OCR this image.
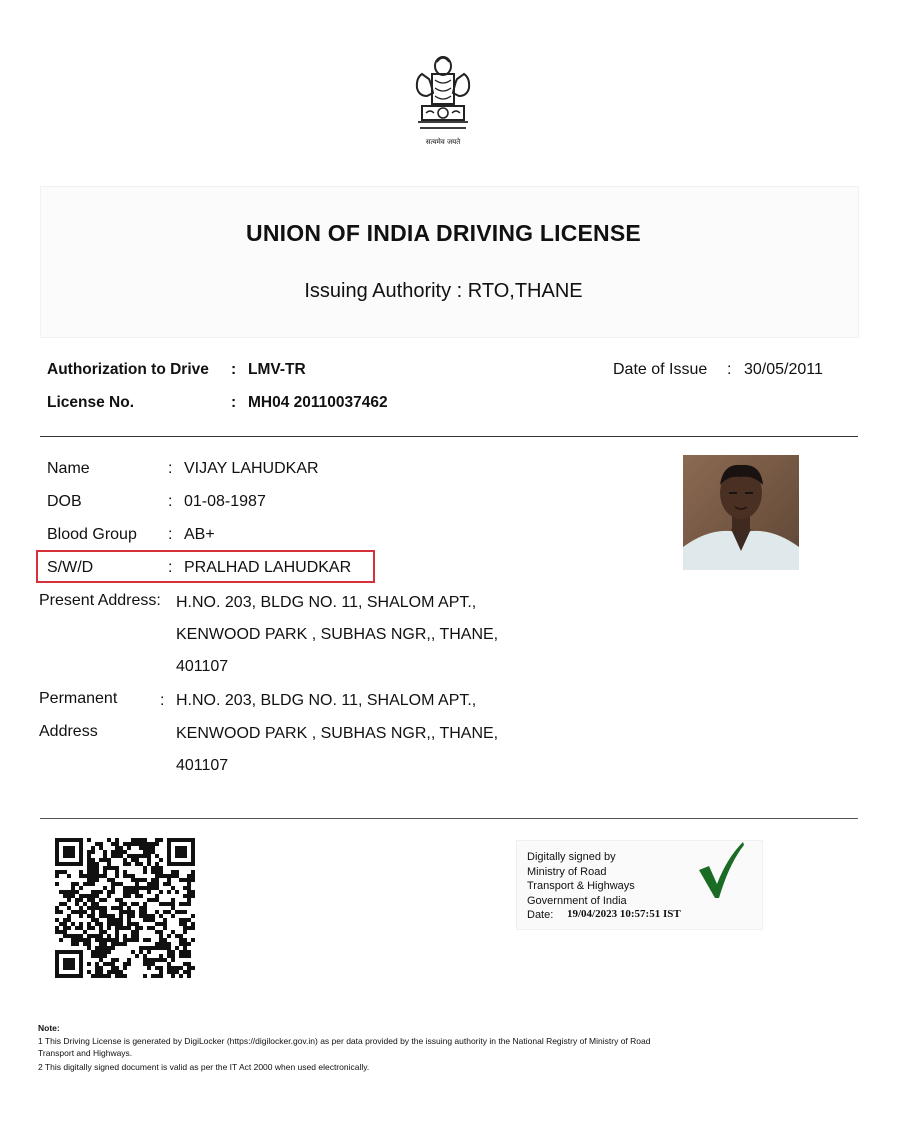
सत्यमेव जयते
UNION OF INDIA DRIVING LICENSE
Issuing Authority : RTO,THANE
Authorization to Drive : LMV-TR
License No.	: MH04 20110037462
Date of Issue : 30/05/2011
Name	: VIJAY LAHUDKAR
DOB	: 01-08-1987
Blood Group : AB+
S/W/D	: PRALHAD LAHUDKAR
Present Address: H.NO. 203, BLDG NO. 11, SHALOM APT.,
KENWOOD PARK , SUBHAS NGR,, THANE,
401107
Permanent	:
Address
H.NO. 203, BLDG NO. 11, SHALOM APT.,
KENWOOD PARK , SUBHAS NGR,, THANE,
401107
Digitally signed by
Ministry of Road
Transport & Highways
Government of India
Date: 19/04/2023 10:57:51 IST
Note:
1 This Driving License is generated by DigiLocker (https://digilocker.gov.in) as per data provided by the issuing authority in the National Registry of Ministry of Road
Transport and Highways.
2 This digitally signed document is valid as per the IT Act 2000 when used electronically.
